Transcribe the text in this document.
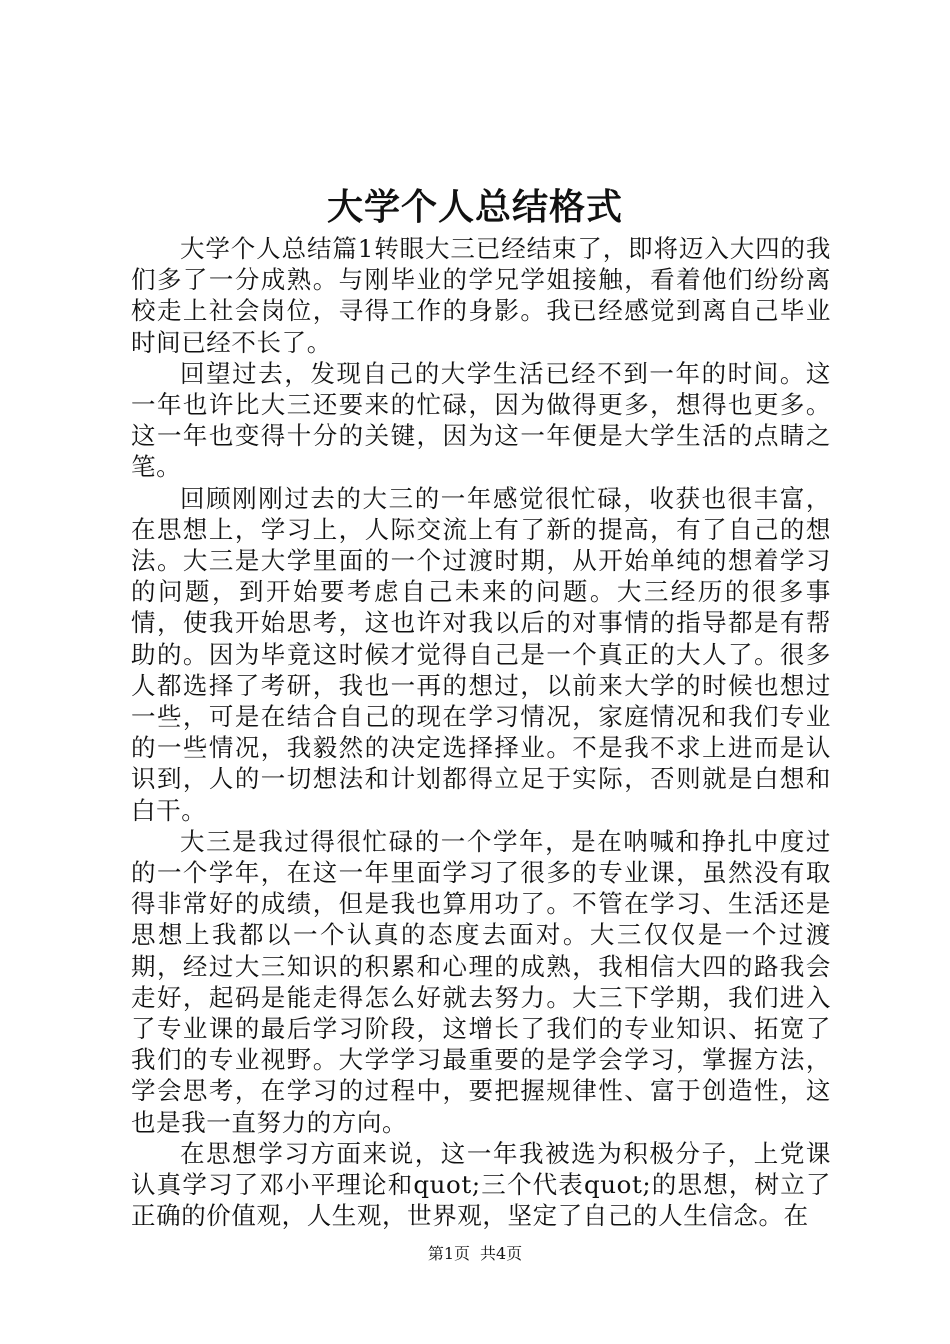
大学个人总结格式

大学个人总结篇1转眼大三已经结束了，即将迈入大四的我们多了一分成熟。与刚毕业的学兄学姐接触，看着他们纷纷离校走上社会岗位，寻得工作的身影。我已经感觉到离自己毕业时间已经不长了。

回望过去，发现自己的大学生活已经不到一年的时间。这一年也许比大三还要来的忙碌，因为做得更多，想得也更多。这一年也变得十分的关键，因为这一年便是大学生活的点睛之笔。

回顾刚刚过去的大三的一年感觉很忙碌，收获也很丰富，在思想上，学习上，人际交流上有了新的提高，有了自己的想法。大三是大学里面的一个过渡时期，从开始单纯的想着学习的问题，到开始要考虑自己未来的问题。大三经历的很多事情，使我开始思考，这也许对我以后的对事情的指导都是有帮助的。因为毕竟这时候才觉得自己是一个真正的大人了。很多人都选择了考研，我也一再的想过，以前来大学的时候也想过一些，可是在结合自己的现在学习情况，家庭情况和我们专业的一些情况，我毅然的决定选择择业。不是我不求上进而是认识到，人的一切想法和计划都得立足于实际，否则就是白想和白干。

大三是我过得很忙碌的一个学年，是在呐喊和挣扎中度过的一个学年，在这一年里面学习了很多的专业课，虽然没有取得非常好的成绩，但是我也算用功了。不管在学习、生活还是思想上我都以一个认真的态度去面对。大三仅仅是一个过渡期，经过大三知识的积累和心理的成熟，我相信大四的路我会走好，起码是能走得怎么好就去努力。大三下学期，我们进入了专业课的最后学习阶段，这增长了我们的专业知识、拓宽了我们的专业视野。大学学习最重要的是学会学习，掌握方法，学会思考，在学习的过程中，要把握规律性、富于创造性，这也是我一直努力的方向。

在思想学习方面来说，这一年我被选为积极分子，上党课认真学习了邓小平理论和quot;三个代表quot;的思想，树立了正确的价值观，人生观，世界观，坚定了自己的人生信念。在

第1页 共4页
